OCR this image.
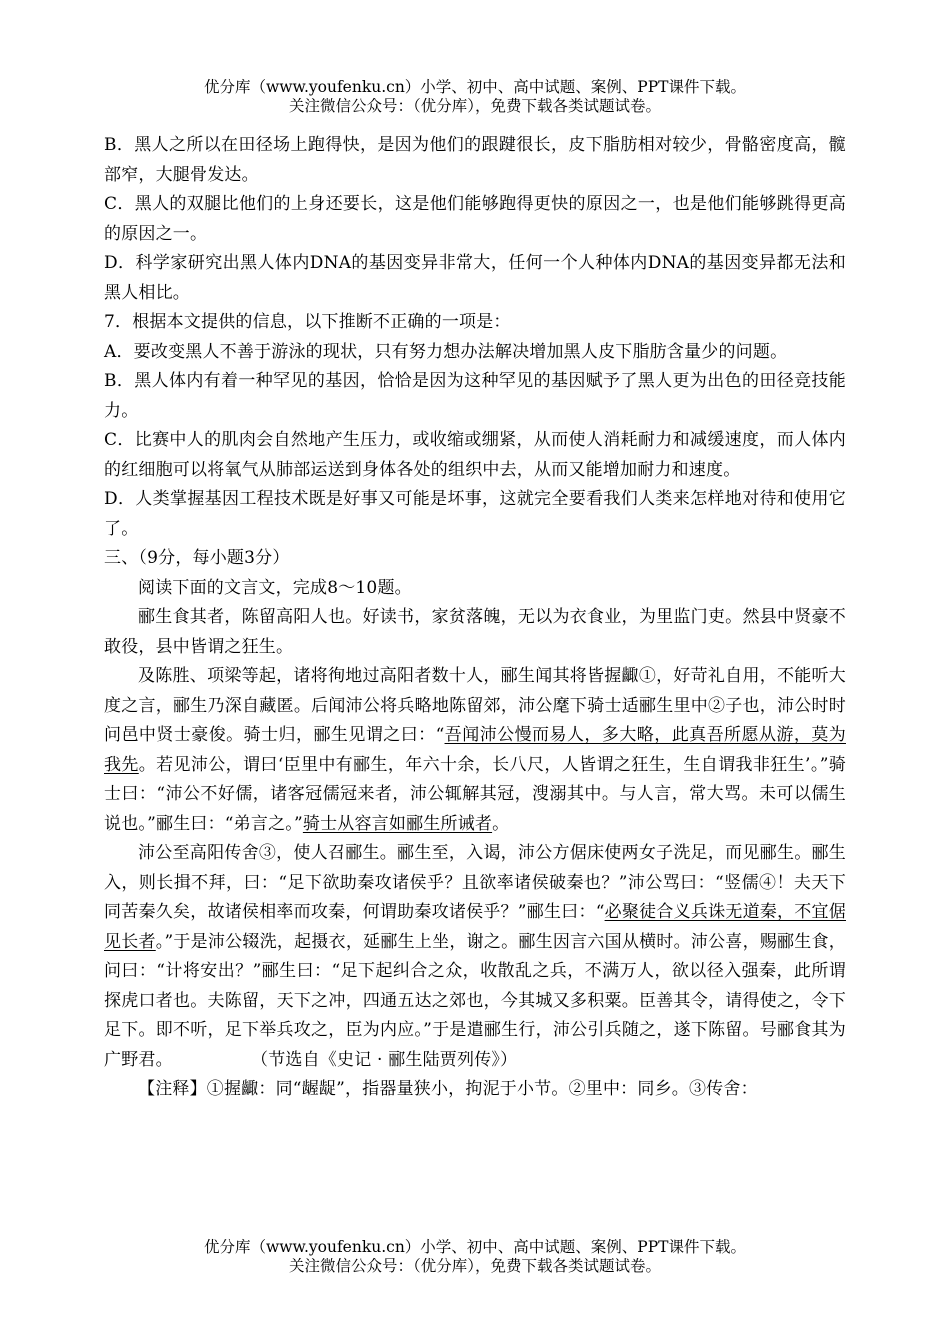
优分库（www.youfenku.cn）小学、初中、高中试题、案例、PPT课件下载。
关注微信公众号：（优分库），免费下载各类试题试卷。

B．黑人之所以在田径场上跑得快，是因为他们的跟踺很长，皮下脂肪相对较少，骨骼密度高，髋部窄，大腿骨发达。

C．黑人的双腿比他们的上身还要长，这是他们能够跑得更快的原因之一，也是他们能够跳得更高的原因之一。

D．科学家研究出黑人体内DNA的基因变异非常大，任何一个人种体内DNA的基因变异都无法和黑人相比。

7．根据本文提供的信息，以下推断不正确的一项是：

A．要改变黑人不善于游泳的现状，只有努力想办法解决增加黑人皮下脂肪含量少的问题。

B．黑人体内有着一种罕见的基因，恰恰是因为这种罕见的基因赋予了黑人更为出色的田径竞技能力。

C．比赛中人的肌肉会自然地产生压力，或收缩或绷紧，从而使人消耗耐力和减缓速度，而人体内的红细胞可以将氧气从肺部运送到身体各处的组织中去，从而又能增加耐力和速度。

D．人类掌握基因工程技术既是好事又可能是坏事，这就完全要看我们人类来怎样地对待和使用它了。

三、（9分，每小题3分）

阅读下面的文言文，完成8～10题。

郦生食其者，陈留高阳人也。好读书，家贫落魄，无以为衣食业，为里监门吏。然县中贤豪不敢役，县中皆谓之狂生。

及陈胜、项梁等起，诸将徇地过高阳者数十人，郦生闻其将皆握齱①，好苛礼自用，不能听大度之言，郦生乃深自藏匿。后闻沛公将兵略地陈留郊，沛公麾下骑士适郦生里中②子也，沛公时时问邑中贤士豪俊。骑士归，郦生见谓之曰：“吾闻沛公慢而易人，多大略，此真吾所愿从游，莫为我先。若见沛公，谓曰‘臣里中有郦生，年六十余，长八尺，人皆谓之狂生，生自谓我非狂生’。”骑士曰：“沛公不好儒，诸客冠儒冠来者，沛公辄解其冠，溲溺其中。与人言，常大骂。未可以儒生说也。”郦生曰：“弟言之。”骑士从容言如郦生所诫者。

沛公至高阳传舍③，使人召郦生。郦生至，入谒，沛公方倨床使两女子洗足，而见郦生。郦生入，则长揖不拜，曰：“足下欲助秦攻诸侯乎？且欲率诸侯破秦也？”沛公骂曰：“竖儒④！夫天下同苦秦久矣，故诸侯相率而攻秦，何谓助秦攻诸侯乎？”郦生曰：“必聚徒合义兵诛无道秦，不宜倨见长者。”于是沛公辍洗，起摄衣，延郦生上坐，谢之。郦生因言六国从横时。沛公喜，赐郦生食，问曰：“计将安出？”郦生曰：“足下起纠合之众，收散乱之兵，不满万人，欲以径入强秦，此所谓探虎口者也。夫陈留，天下之冲，四通五达之郊也，今其城又多积粟。臣善其令，请得使之，令下足下。即不听，足下举兵攻之，臣为内应。”于是遣郦生行，沛公引兵随之，遂下陈留。号郦食其为广野君。	（节选自《史记 · 郦生陆贾列传》）

【注释】①握齱：同“龌龊”，指器量狭小，拘泥于小节。②里中：同乡。③传舍：

优分库（www.youfenku.cn）小学、初中、高中试题、案例、PPT课件下载。
关注微信公众号：（优分库），免费下载各类试题试卷。
